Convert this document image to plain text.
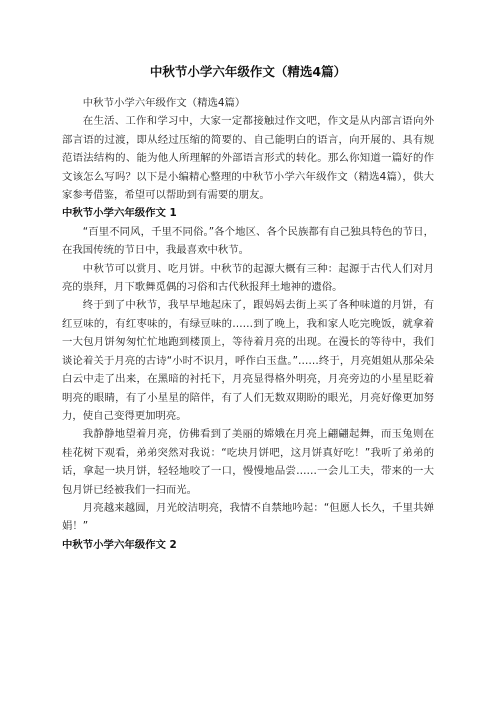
中秋节小学六年级作文（精选4篇）

中秋节小学六年级作文（精选4篇）

在生活、工作和学习中，大家一定都接触过作文吧，作文是从内部言语向外部言语的过渡，即从经过压缩的简要的、自己能明白的语言，向开展的、具有规范语法结构的、能为他人所理解的外部语言形式的转化。那么你知道一篇好的作文该怎么写吗？以下是小编精心整理的中秋节小学六年级作文（精选4篇），供大家参考借鉴，希望可以帮助到有需要的朋友。

中秋节小学六年级作文 1

“百里不同风，千里不同俗。”各个地区、各个民族都有自己独具特色的节日，在我国传统的节日中，我最喜欢中秋节。

中秋节可以赏月、吃月饼。中秋节的起源大概有三种：起源于古代人们对月亮的祟拜，月下歌舞觅偶的习俗和古代秋报拜土地神的遗俗。

终于到了中秋节，我早早地起床了，跟妈妈去街上买了各种味道的月饼，有红豆味的，有红枣味的，有绿豆味的……到了晚上，我和家人吃完晚饭，就拿着一大包月饼匆匆忙忙地跑到楼顶上，等待着月亮的出现。在漫长的等待中，我们谈论着关于月亮的古诗“小时不识月，呼作白玉盘。”……终于，月亮姐姐从那朵朵白云中走了出来，在黑暗的衬托下，月亮显得格外明亮，月亮旁边的小星星眨着明亮的眼睛，有了小星星的陪伴，有了人们无数双期盼的眼光，月亮好像更加努力，使自己变得更加明亮。

我静静地望着月亮，仿佛看到了美丽的嫦娥在月亮上翩翩起舞，而玉兔则在桂花树下观看，弟弟突然对我说：“吃块月饼吧，这月饼真好吃！”我听了弟弟的话，拿起一块月饼，轻轻地咬了一口，慢慢地品尝……一会儿工夫，带来的一大包月饼已经被我们一扫而光。

月亮越来越圆，月光皎洁明亮，我情不自禁地吟起：“但愿人长久，千里共婵娟！”

中秋节小学六年级作文 2
